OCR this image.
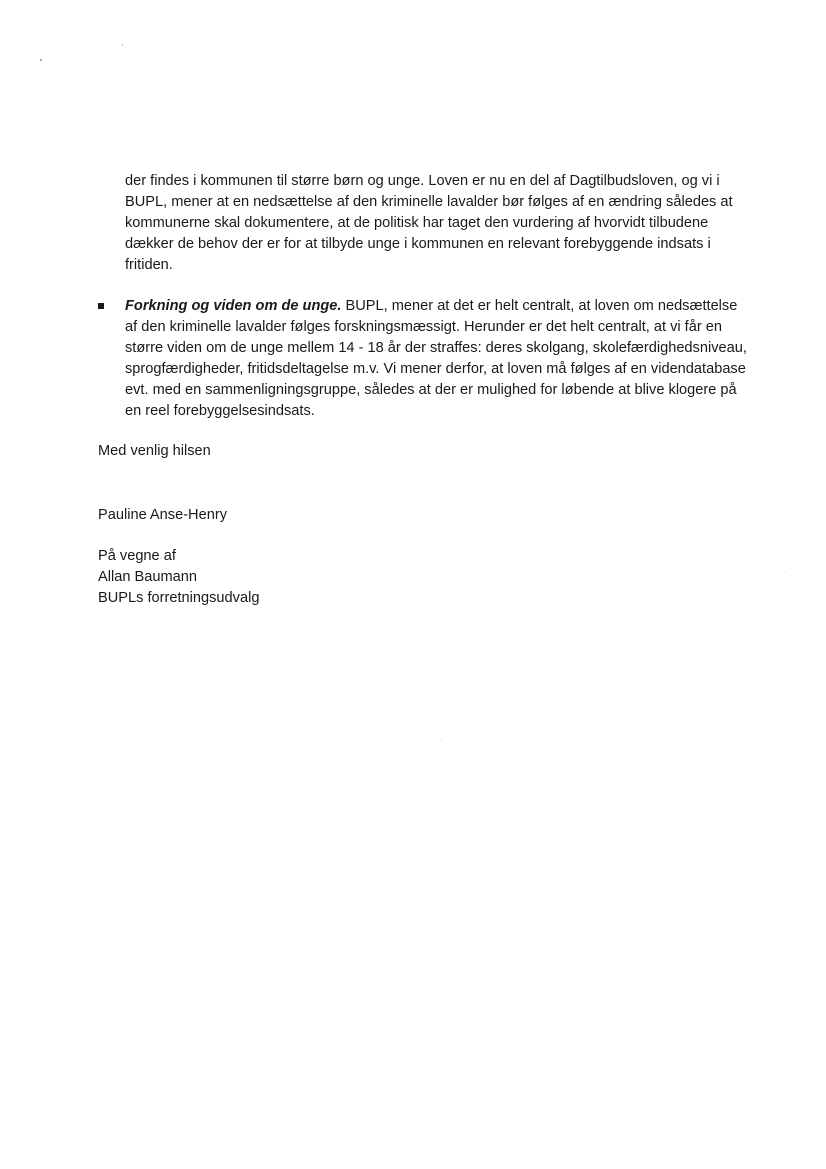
der findes i kommunen til større børn og unge. Loven er nu en del af Dagtilbudsloven, og vi i BUPL, mener at en nedsættelse af den kriminelle lavalder bør følges af en ændring således at kommunerne skal dokumentere, at de politisk har taget den vurdering af hvorvidt tilbudene dækker de behov der er for at tilbyde unge i kommunen en relevant forebyggende indsats i fritiden.

Forkning og viden om de unge. BUPL, mener at det er helt centralt, at loven om nedsættelse af den kriminelle lavalder følges forskningsmæssigt. Herunder er det helt centralt, at vi får en større viden om de unge mellem 14 - 18 år der straffes: deres skolgang, skolefærdighedsniveau, sprogfærdigheder, fritidsdeltagelse m.v. Vi mener derfor, at loven må følges af en videndatabase evt. med en sammenligningsgruppe, således at der er mulighed for løbende at blive klogere på en reel forebyggelsesindsats.

Med venlig hilsen

Pauline Anse-Henry

På vegne af
Allan Baumann
BUPLs forretningsudvalg
